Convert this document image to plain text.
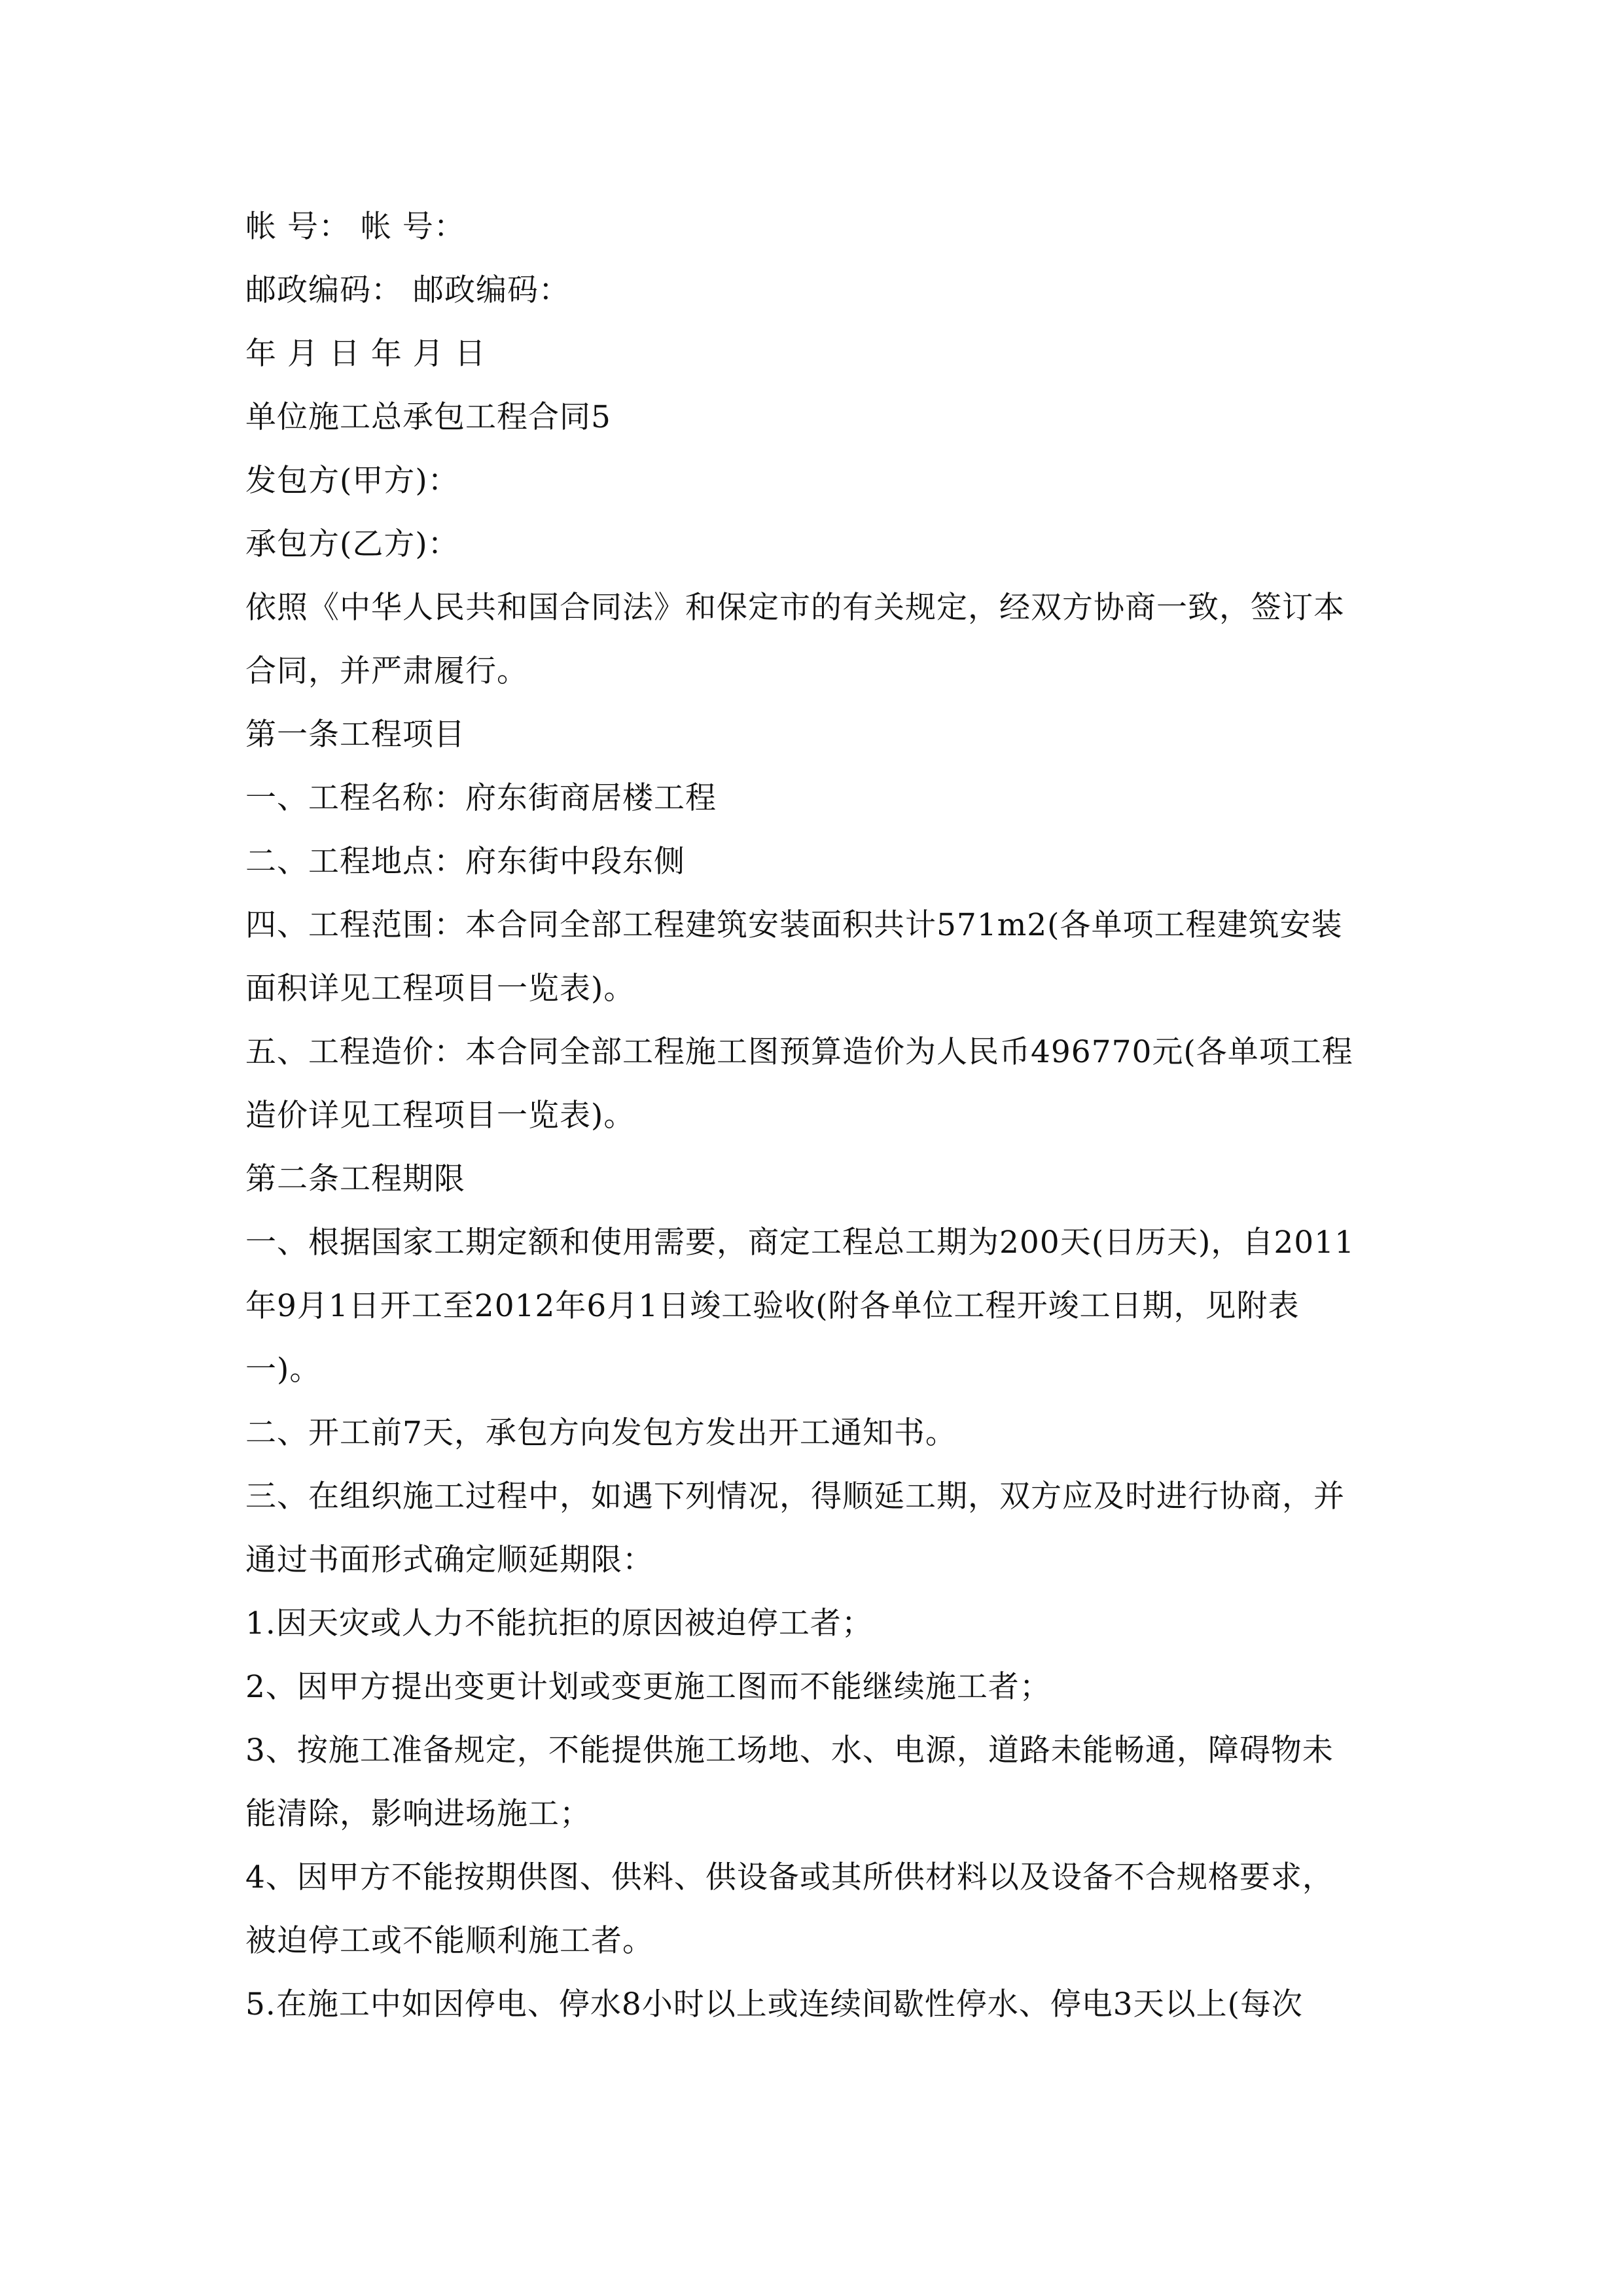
帐 号： 帐 号：
邮政编码： 邮政编码：
年 月 日 年 月 日
单位施工总承包工程合同5
发包方(甲方)：
承包方(乙方)：
依照《中华人民共和国合同法》和保定市的有关规定，经双方协商一致，签订本
合同，并严肃履行。
第一条工程项目
一、工程名称：府东街商居楼工程
二、工程地点：府东街中段东侧
四、工程范围：本合同全部工程建筑安装面积共计571m2(各单项工程建筑安装
面积详见工程项目一览表)。
五、工程造价：本合同全部工程施工图预算造价为人民币496770元(各单项工程
造价详见工程项目一览表)。
第二条工程期限
一、根据国家工期定额和使用需要，商定工程总工期为200天(日历天)，自2011
年9月1日开工至2012年6月1日竣工验收(附各单位工程开竣工日期，见附表
一)。
二、开工前7天，承包方向发包方发出开工通知书。
三、在组织施工过程中，如遇下列情况，得顺延工期，双方应及时进行协商，并
通过书面形式确定顺延期限：
1.因天灾或人力不能抗拒的原因被迫停工者；
2、因甲方提出变更计划或变更施工图而不能继续施工者；
3、按施工准备规定，不能提供施工场地、水、电源，道路未能畅通，障碍物未
能清除，影响进场施工；
4、因甲方不能按期供图、供料、供设备或其所供材料以及设备不合规格要求，
被迫停工或不能顺利施工者。
5.在施工中如因停电、停水8小时以上或连续间歇性停水、停电3天以上(每次
